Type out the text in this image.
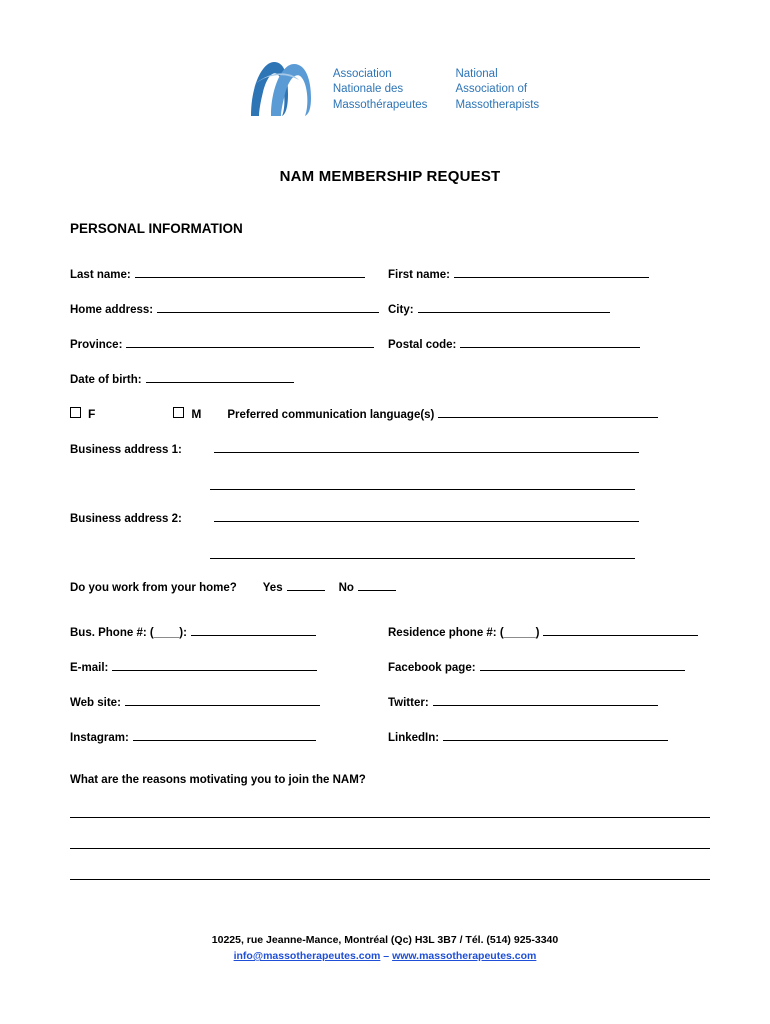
Association
Nationale des
Massothérapeutes
National
Association of
Massotherapists
NAM MEMBERSHIP REQUEST
PERSONAL INFORMATION
Last name:	First name:
Home address:	City:
Province:	Postal code:
Date of birth:
F	M Preferred communication language(s)
Business address 1:
Business address 2:
Do you work from your home? Yes	No
Bus. Phone #: (____):	Residence phone #: (_____)
E-mail:	Facebook page:
Web site:	Twitter:
Instagram:	LinkedIn:
What are the reasons motivating you to join the NAM?
10225, rue Jeanne-Mance, Montréal (Qc) H3L 3B7 / Tél. (514) 925-3340
info@massotherapeutes.com – www.massotherapeutes.com
